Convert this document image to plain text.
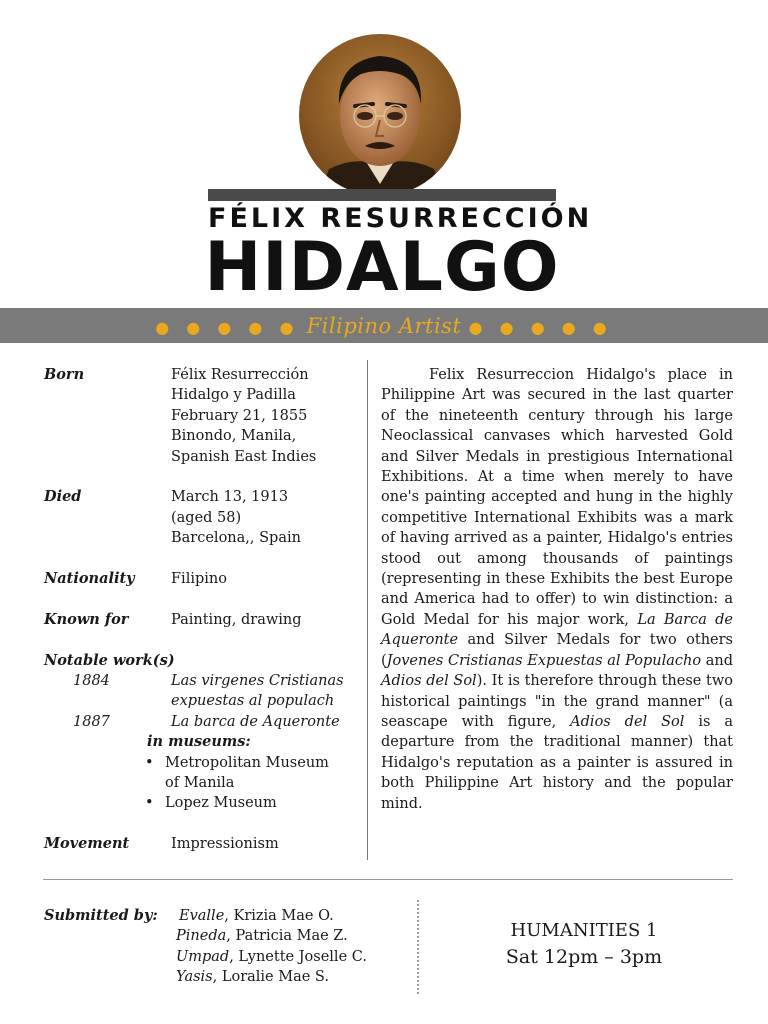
FÉLIX RESURRECCIÓN
HIDALGO
● ● ● ● ● Filipino Artist ● ● ● ● ●
Born	Félix Resurrección
Hidalgo y Padilla
February 21, 1855
Binondo, Manila,
Spanish East Indies
Died	March 13, 1913
(aged 58)
Barcelona,, Spain
Nationality	Filipino
Known for	Painting, drawing
Notable work(s)
1884	Las virgenes Cristianas
expuestas al populach
1887	La barca de Aqueronte
in museums:
• Metropolitan Museum
of Manila
• Lopez Museum
Movement	Impressionism

Felix Resurreccion Hidalgo's place in Philippine Art was secured in the last quarter of the nineteenth century through his large Neoclassical canvases which harvested Gold and Silver Medals in prestigious International Exhibitions. At a time when merely to have one's painting accepted and hung in the highly competitive International Exhibits was a mark of having arrived as a painter, Hidalgo's entries stood out among thousands of paintings (representing in these Exhibits the best Europe and America had to offer) to win distinction: a Gold Medal for his major work, La Barca de Aqueronte and Silver Medals for two others (Jovenes Cristianas Expuestas al Populacho and Adios del Sol). It is therefore through these two historical paintings "in the grand manner" (a seascape with figure, Adios del Sol is a departure from the traditional manner) that Hidalgo's reputation as a painter is assured in both Philippine Art history and the popular mind.

Submitted by:	Evalle, Krizia Mae O.
Pineda, Patricia Mae Z.
Umpad, Lynette Joselle C.
Yasis, Loralie Mae S.
HUMANITIES 1
Sat 12pm – 3pm
